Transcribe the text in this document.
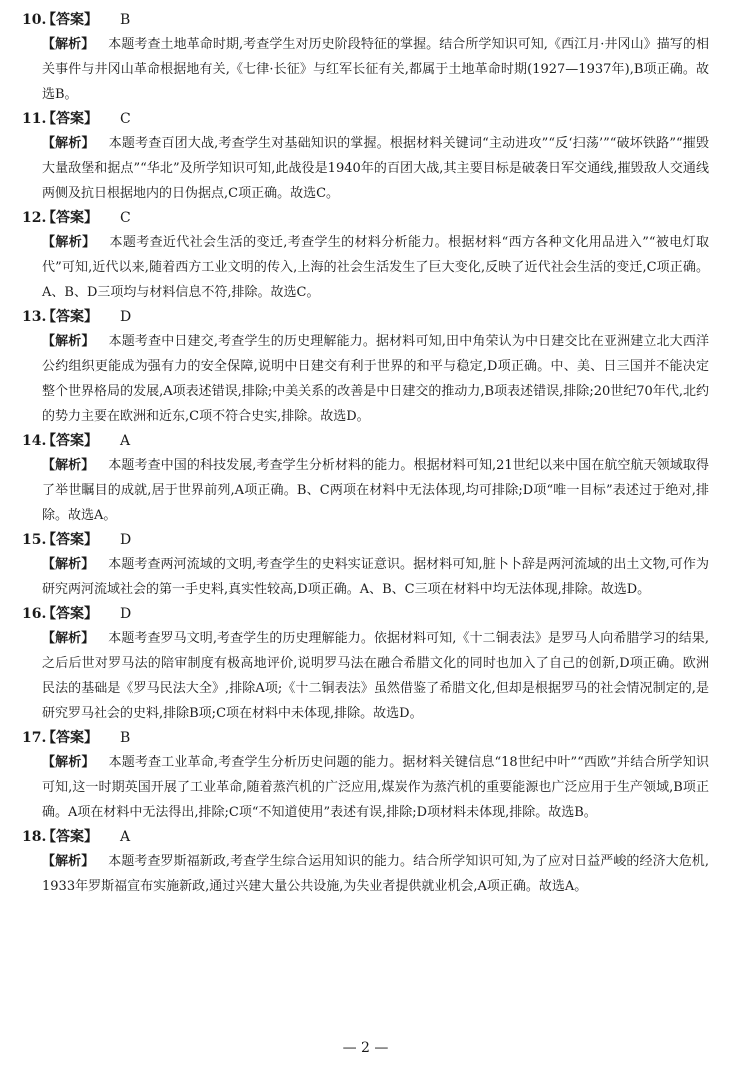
10.【答案】 B
【解析】 本题考查土地革命时期,考查学生对历史阶段特征的掌握。结合所学知识可知,《西江月·井冈山》描写的相关事件与井冈山革命根据地有关,《七律·长征》与红军长征有关,都属于土地革命时期(1927—1937年),B项正确。故选B。
11.【答案】 C
【解析】 本题考查百团大战,考查学生对基础知识的掌握。根据材料关键词“主动进攻”“反‘扫荡’”“破坏铁路”“摧毁大量敌堡和据点”“华北”及所学知识可知,此战役是1940年的百团大战,其主要目标是破袭日军交通线,摧毁敌人交通线两侧及抗日根据地内的日伪据点,C项正确。故选C。
12.【答案】 C
【解析】 本题考查近代社会生活的变迁,考查学生的材料分析能力。根据材料“西方各种文化用品进入”“被电灯取代”可知,近代以来,随着西方工业文明的传入,上海的社会生活发生了巨大变化,反映了近代社会生活的变迁,C项正确。A、B、D三项均与材料信息不符,排除。故选C。
13.【答案】 D
【解析】 本题考查中日建交,考查学生的历史理解能力。据材料可知,田中角荣认为中日建交比在亚洲建立北大西洋公约组织更能成为强有力的安全保障,说明中日建交有利于世界的和平与稳定,D项正确。中、美、日三国并不能决定整个世界格局的发展,A项表述错误,排除;中美关系的改善是中日建交的推动力,B项表述错误,排除;20世纪70年代,北约的势力主要在欧洲和近东,C项不符合史实,排除。故选D。
14.【答案】 A
【解析】 本题考查中国的科技发展,考查学生分析材料的能力。根据材料可知,21世纪以来中国在航空航天领域取得了举世瞩目的成就,居于世界前列,A项正确。B、C两项在材料中无法体现,均可排除;D项“唯一目标”表述过于绝对,排除。故选A。
15.【答案】 D
【解析】 本题考查两河流域的文明,考查学生的史料实证意识。据材料可知,脏卜卜辞是两河流域的出土文物,可作为研究两河流域社会的第一手史料,真实性较高,D项正确。A、B、C三项在材料中均无法体现,排除。故选D。
16.【答案】 D
【解析】 本题考查罗马文明,考查学生的历史理解能力。依据材料可知,《十二铜表法》是罗马人向希腊学习的结果,之后后世对罗马法的陪审制度有极高地评价,说明罗马法在融合希腊文化的同时也加入了自己的创新,D项正确。欧洲民法的基础是《罗马民法大全》,排除A项;《十二铜表法》虽然借鉴了希腊文化,但却是根据罗马的社会情况制定的,是研究罗马社会的史料,排除B项;C项在材料中未体现,排除。故选D。
17.【答案】 B
【解析】 本题考查工业革命,考查学生分析历史问题的能力。据材料关键信息“18世纪中叶”“西欧”并结合所学知识可知,这一时期英国开展了工业革命,随着蒸汽机的广泛应用,煤炭作为蒸汽机的重要能源也广泛应用于生产领域,B项正确。A项在材料中无法得出,排除;C项“不知道使用”表述有误,排除;D项材料未体现,排除。故选B。
18.【答案】 A
【解析】 本题考查罗斯福新政,考查学生综合运用知识的能力。结合所学知识可知,为了应对日益严峻的经济大危机,1933年罗斯福宣布实施新政,通过兴建大量公共设施,为失业者提供就业机会,A项正确。故选A。
— 2 —
